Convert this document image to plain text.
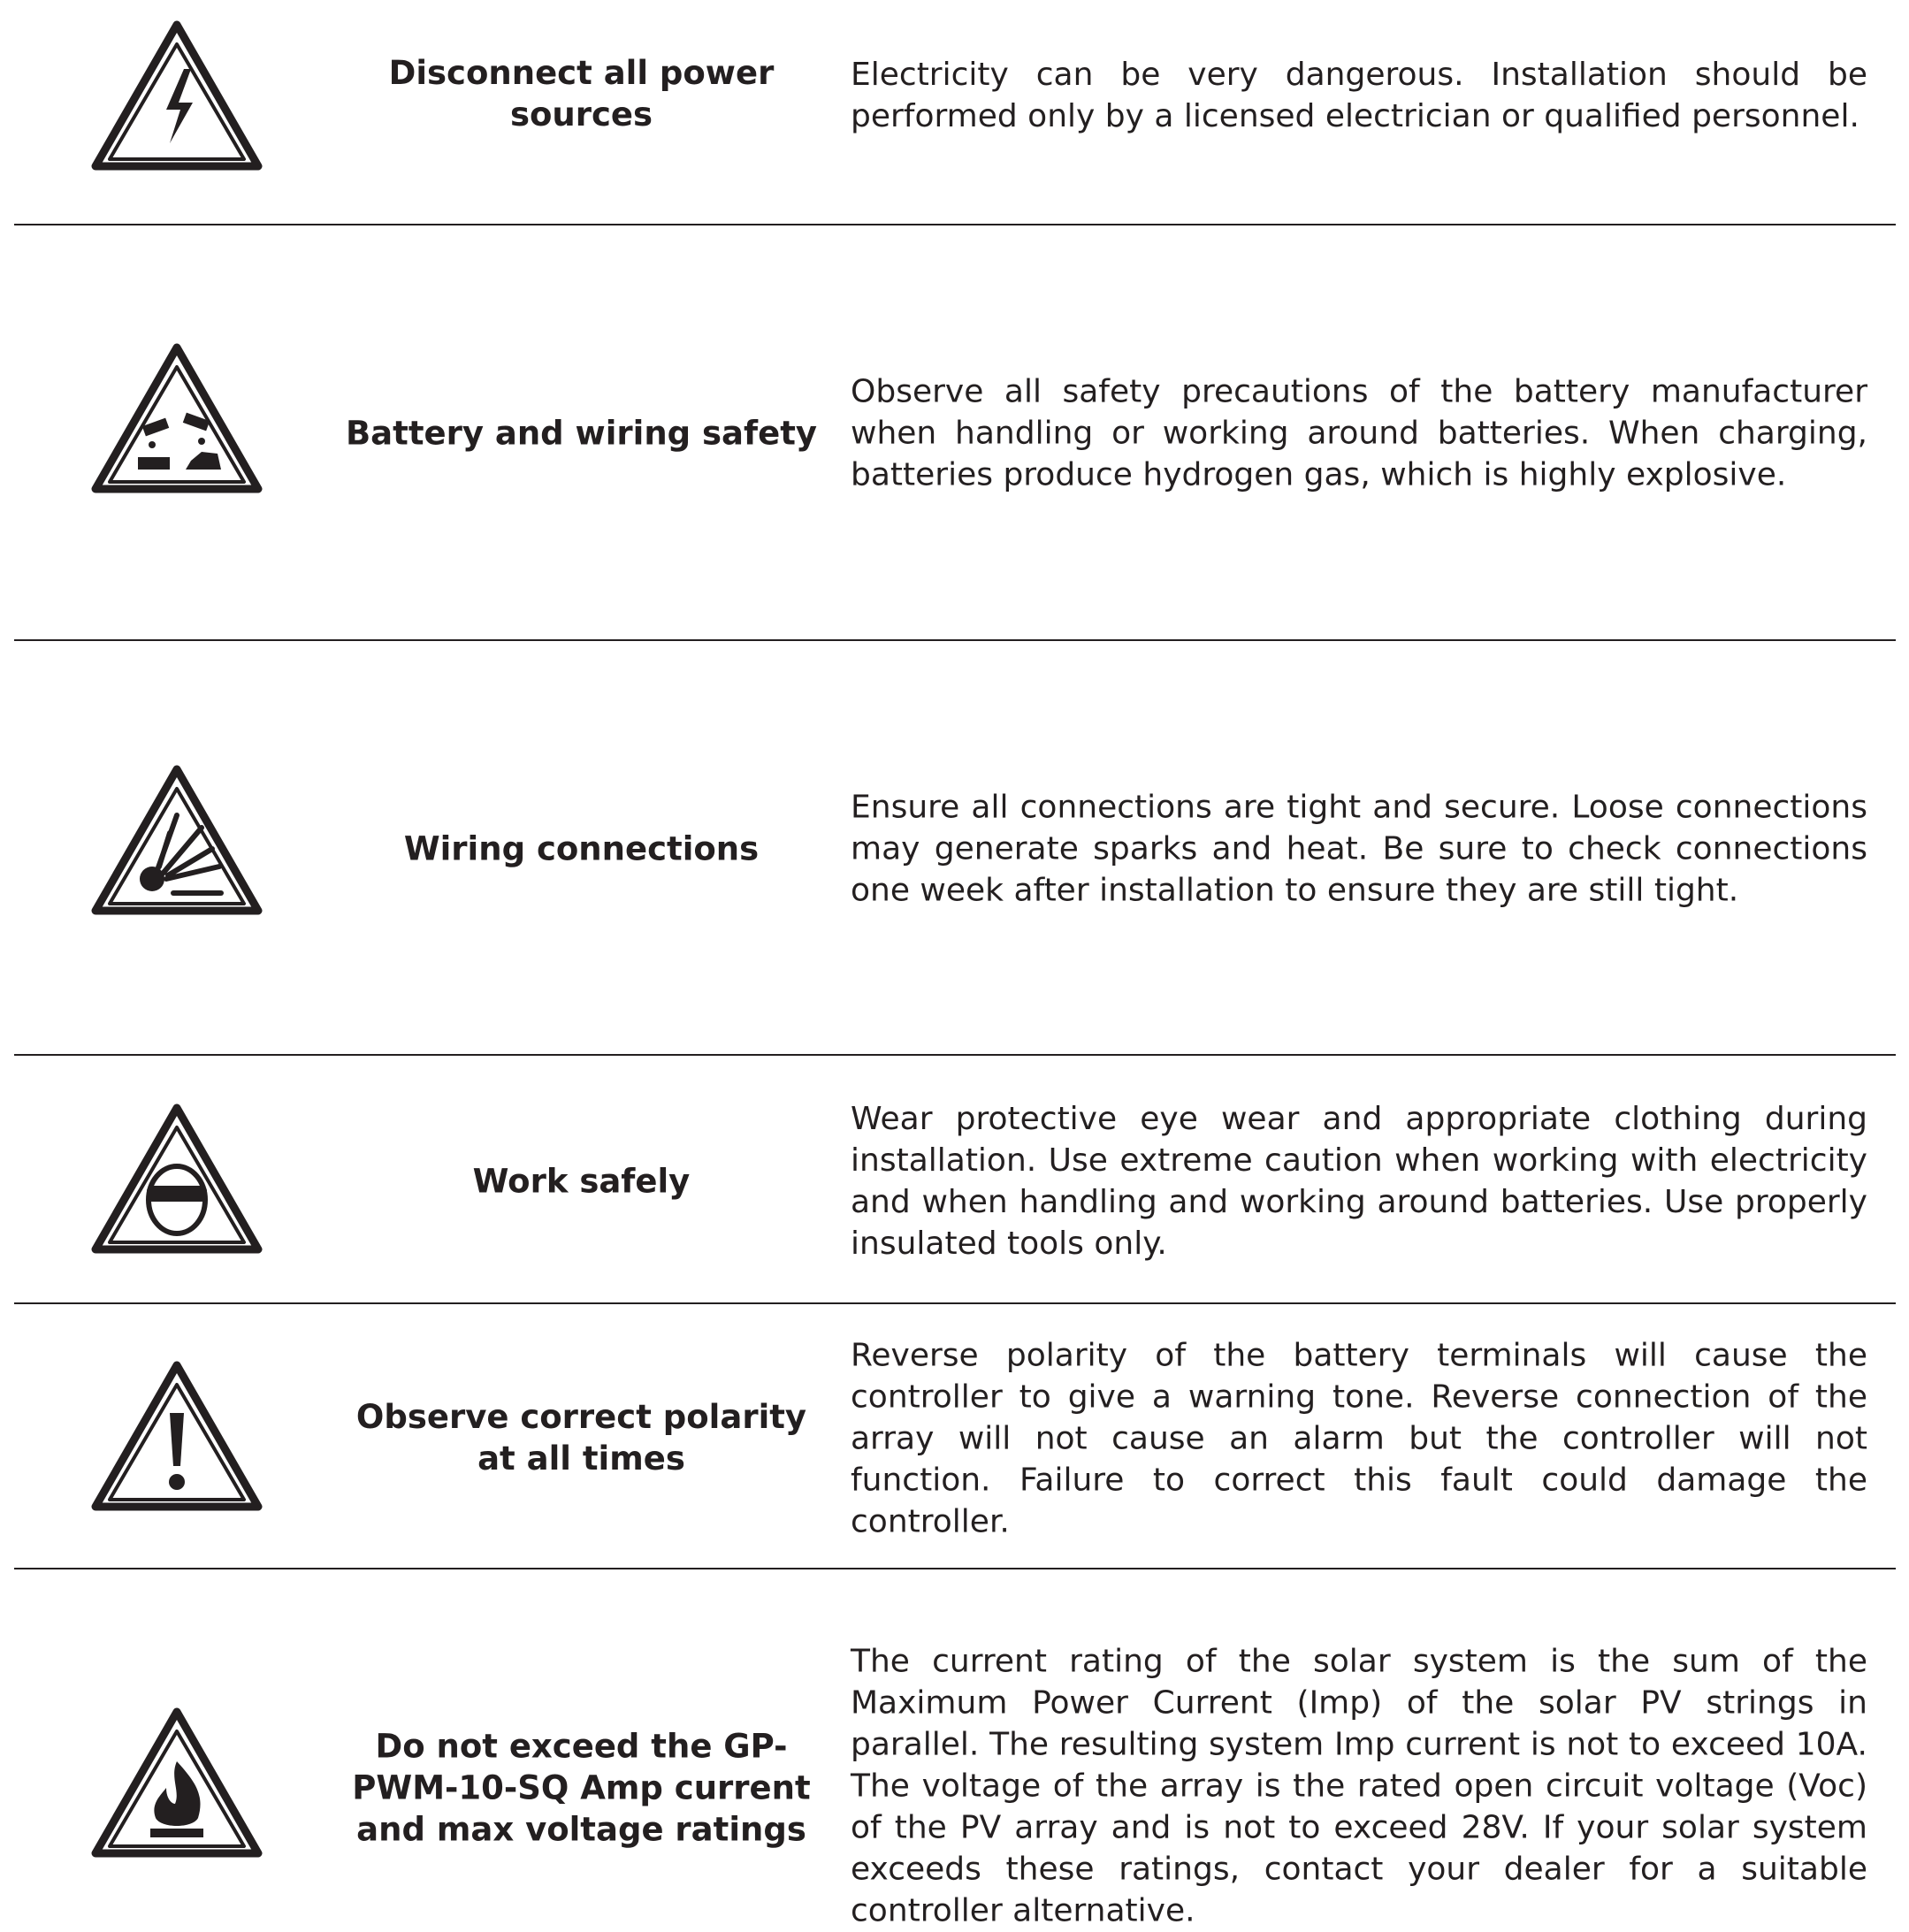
Disconnect all power sources
Electricity can be very dangerous. Installation should be performed only by a licensed electrician or qualified personnel.
Battery and wiring safety
Observe all safety precautions of the battery manufacturer when handling or working around batteries. When charging, batteries produce hydrogen gas, which is highly explosive.
Wiring connections
Ensure all connections are tight and secure. Loose connections may generate sparks and heat. Be sure to check connections one week after installation to ensure they are still tight.
Work safely
Wear protective eye wear and appropriate clothing during installation. Use extreme caution when working with electricity and when handling and working around batteries. Use properly insulated tools only.
Observe correct polarity at all times
Reverse polarity of the battery terminals will cause the controller to give a warning tone. Reverse connection of the array will not cause an alarm but the controller will not function. Failure to correct this fault could damage the controller.
Do not exceed the GP-PWM-10-SQ Amp current and max voltage ratings
The current rating of the solar system is the sum of the Maximum Power Current (Imp) of the solar PV strings in parallel. The resulting system Imp current is not to exceed 10A. The voltage of the array is the rated open circuit voltage (Voc) of the PV array and is not to exceed 28V. If your solar system exceeds these ratings, contact your dealer for a suitable controller alternative.
